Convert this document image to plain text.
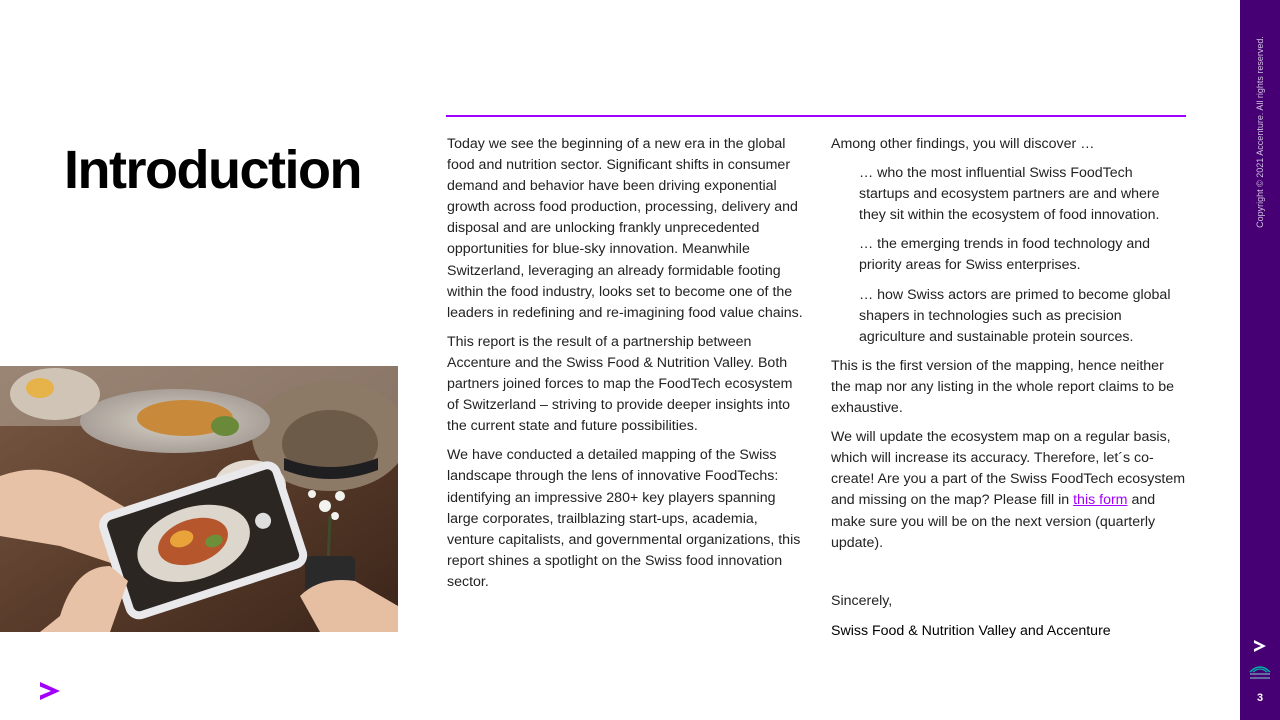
Introduction	Today we see the beginning of a new era in the global food and nutrition sector. Significant shifts in consumer demand and behavior have been driving exponential growth across food production, processing, delivery and disposal and are unlocking frankly unprecedented opportunities for blue-sky innovation. Meanwhile Switzerland, leveraging an already formidable footing within the food industry, looks set to become one of the leaders in redefining and re-imagining food value chains.

This report is the result of a partnership between Accenture and the Swiss Food & Nutrition Valley. Both partners joined forces to map the FoodTech ecosystem of Switzerland – striving to provide deeper insights into the current state and future possibilities.

We have conducted a detailed mapping of the Swiss landscape through the lens of innovative FoodTechs: identifying an impressive 280+ key players spanning large corporates, trailblazing start-ups, academia, venture capitalists, and governmental organizations, this report shines a spotlight on the Swiss food innovation sector.

Among other findings, you will discover …

… who the most influential Swiss FoodTech startups and ecosystem partners are and where they sit within the ecosystem of food innovation.

… the emerging trends in food technology and priority areas for Swiss enterprises.

… how Swiss actors are primed to become global shapers in technologies such as precision agriculture and sustainable protein sources.

This is the first version of the mapping, hence neither the map nor any listing in the whole report claims to be exhaustive.

We will update the ecosystem map on a regular basis, which will increase its accuracy. Therefore, let´s co-create! Are you a part of the Swiss FoodTech ecosystem and missing on the map? Please fill in this form and make sure you will be on the next version (quarterly update).

Sincerely,

Swiss Food & Nutrition Valley and Accenture

Copyright © 2021 Accenture. All rights reserved.
3
